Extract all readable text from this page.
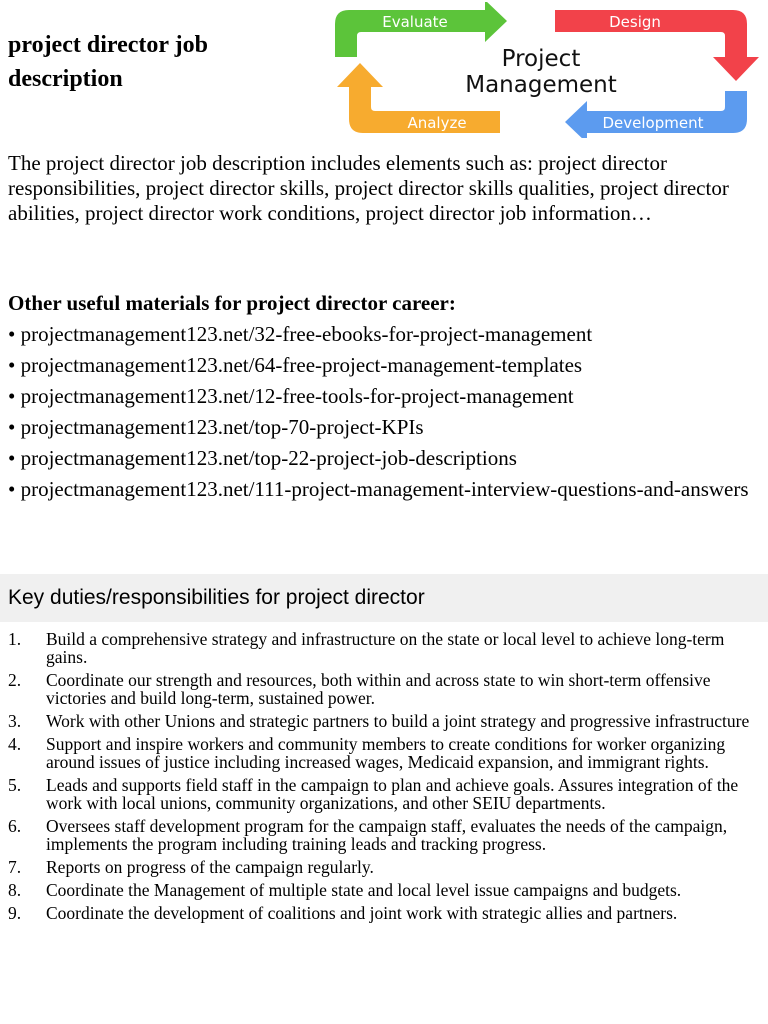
project director job description
Evaluate	Design
Analyze	Development
Project
Management

The project director job description includes elements such as: project director responsibilities, project director skills, project director skills qualities, project director abilities, project director work conditions, project director job information…

Other useful materials for project director career:

• projectmanagement123.net/32-free-ebooks-for-project-management
• projectmanagement123.net/64-free-project-management-templates
• projectmanagement123.net/12-free-tools-for-project-management
• projectmanagement123.net/top-70-project-KPIs
• projectmanagement123.net/top-22-project-job-descriptions
• projectmanagement123.net/111-project-management-interview-questions-and-answers
Key duties/responsibilities for project director
1.	Build a comprehensive strategy and infrastructure on the state or local level to achieve long-term gains.
2.	Coordinate our strength and resources, both within and across state to win short-term offensive victories and build long-term, sustained power.
3.	Work with other Unions and strategic partners to build a joint strategy and progressive infrastructure
4.	Support and inspire workers and community members to create conditions for worker organizing around issues of justice including increased wages, Medicaid expansion, and immigrant rights.
5.	Leads and supports field staff in the campaign to plan and achieve goals. Assures integration of the work with local unions, community organizations, and other SEIU departments.
6.	Oversees staff development program for the campaign staff, evaluates the needs of the campaign, implements the program including training leads and tracking progress.
7.	Reports on progress of the campaign regularly.
8.	Coordinate the Management of multiple state and local level issue campaigns and budgets.
9.	Coordinate the development of coalitions and joint work with strategic allies and partners.
